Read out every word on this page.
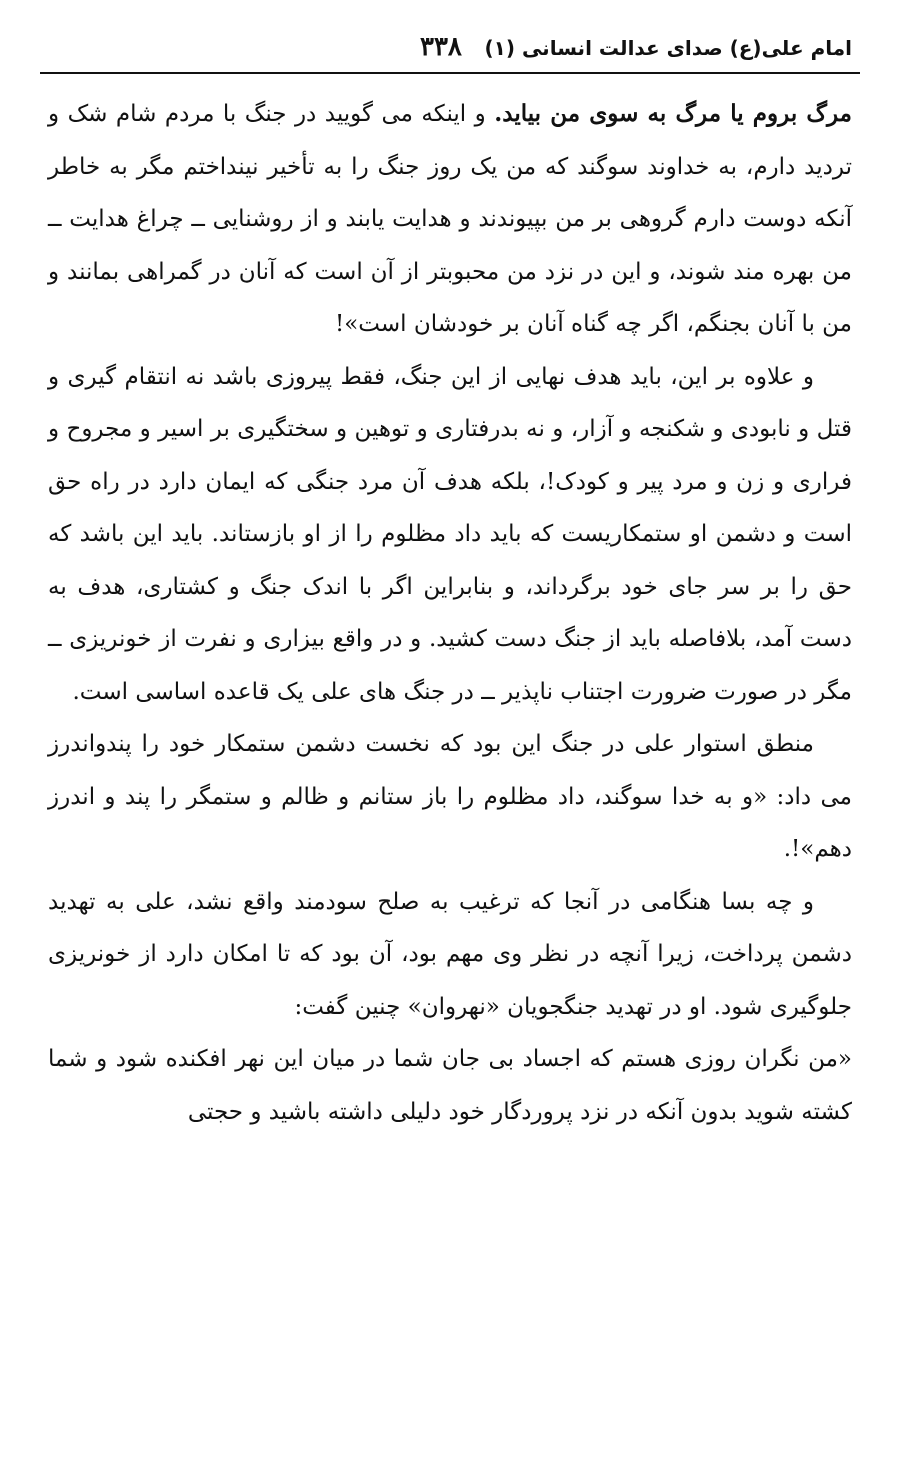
امام علی(ع) صدای عدالت انسانی (۱)
۳۳۸

مرگ بروم یا مرگ به سوی من بیاید. و اینکه می گویید در جنگ با مردم شام شک و تردید دارم، به خداوند سوگند که من یک روز جنگ را به تأخیر نینداختم مگر به خاطر آنکه دوست دارم گروهی بر من بپیوندند و هدایت یابند و از روشنایی ــ چراغ هدایت ــ من بهره مند شوند، و این در نزد من محبوبتر از آن است که آنان در گمراهی بمانند و من با آنان بجنگم، اگر چه گناه آنان بر خودشان است»!

و علاوه بر این، باید هدف نهایی از این جنگ، فقط پیروزی باشد نه انتقام گیری و قتل و نابودی و شکنجه و آزار، و نه بدرفتاری و توهین و سختگیری بر اسیر و مجروح و فراری و زن و مرد پیر و کودک!، بلکه هدف آن مرد جنگی که ایمان دارد در راه حق است و دشمن او ستمکاریست که باید داد مظلوم را از او بازستاند. باید این باشد که حق را بر سر جای خود برگرداند، و بنابراین اگر با اندک جنگ و کشتاری، هدف به دست آمد، بلافاصله باید از جنگ دست کشید. و در واقع بیزاری و نفرت از خونریزی ــ مگر در صورت ضرورت اجتناب ناپذیر ــ در جنگ های علی یک قاعده اساسی است.

منطق استوار علی در جنگ این بود که نخست دشمن ستمکار خود را پندواندرز می داد: «و به خدا سوگند، داد مظلوم را باز ستانم و ظالم و ستمگر را پند و اندرز دهم»!.

و چه بسا هنگامی در آنجا که ترغیب به صلح سودمند واقع نشد، علی به تهدید دشمن پرداخت، زیرا آنچه در نظر وی مهم بود، آن بود که تا امکان دارد از خونریزی جلوگیری شود. او در تهدید جنگجویان «نهروان» چنین گفت:

«من نگران روزی هستم که اجساد بی جان شما در میان این نهر افکنده شود و شما کشته شوید بدون آنکه در نزد پروردگار خود دلیلی داشته باشید و حجتی
